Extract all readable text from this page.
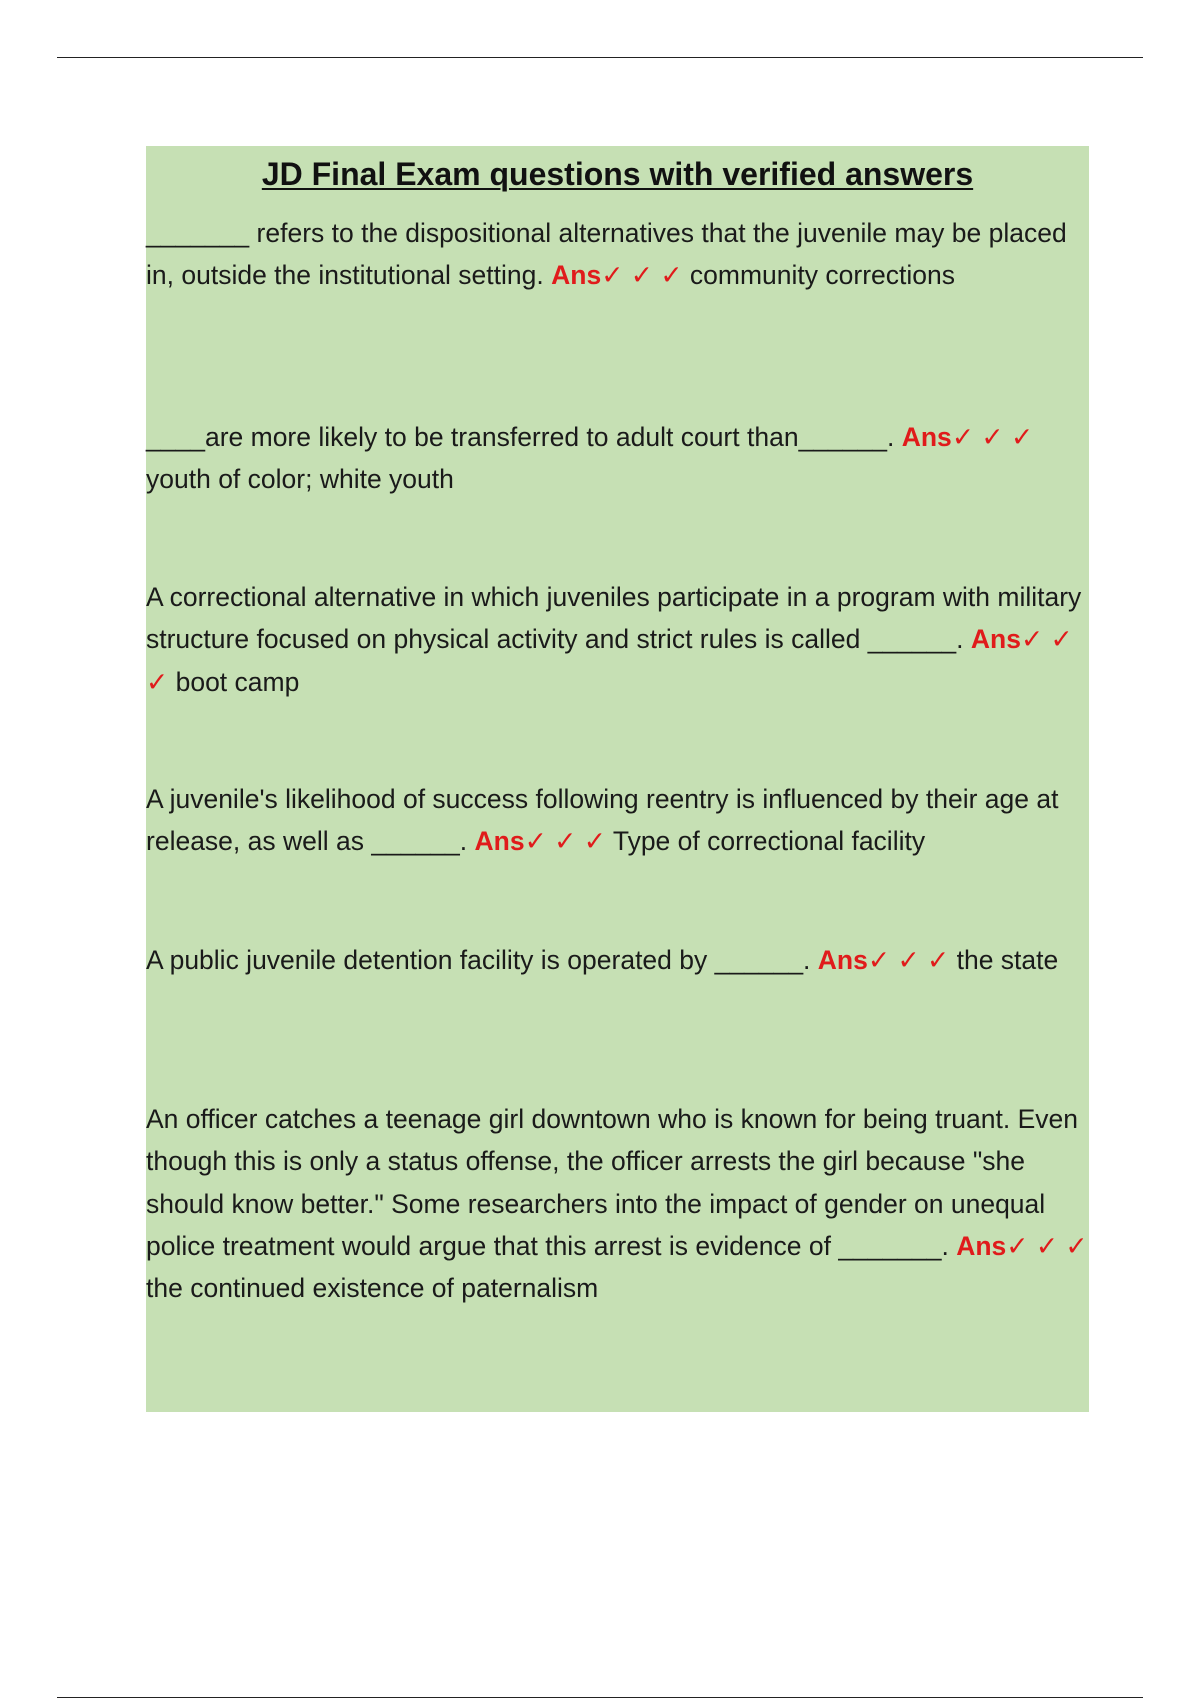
JD Final Exam questions with verified answers

_______ refers to the dispositional alternatives that the juvenile may be placed in, outside the institutional setting. Ans✓ ✓ ✓ community corrections

____are more likely to be transferred to adult court than______. Ans✓ ✓ ✓ youth of color; white youth

A correctional alternative in which juveniles participate in a program with military structure focused on physical activity and strict rules is called ______. Ans✓ ✓ ✓ boot camp

A juvenile's likelihood of success following reentry is influenced by their age at release, as well as ______. Ans✓ ✓ ✓ Type of correctional facility

A public juvenile detention facility is operated by ______. Ans✓ ✓ ✓ the state

An officer catches a teenage girl downtown who is known for being truant. Even though this is only a status offense, the officer arrests the girl because "she should know better." Some researchers into the impact of gender on unequal police treatment would argue that this arrest is evidence of _______. Ans✓ ✓ ✓ the continued existence of paternalism
